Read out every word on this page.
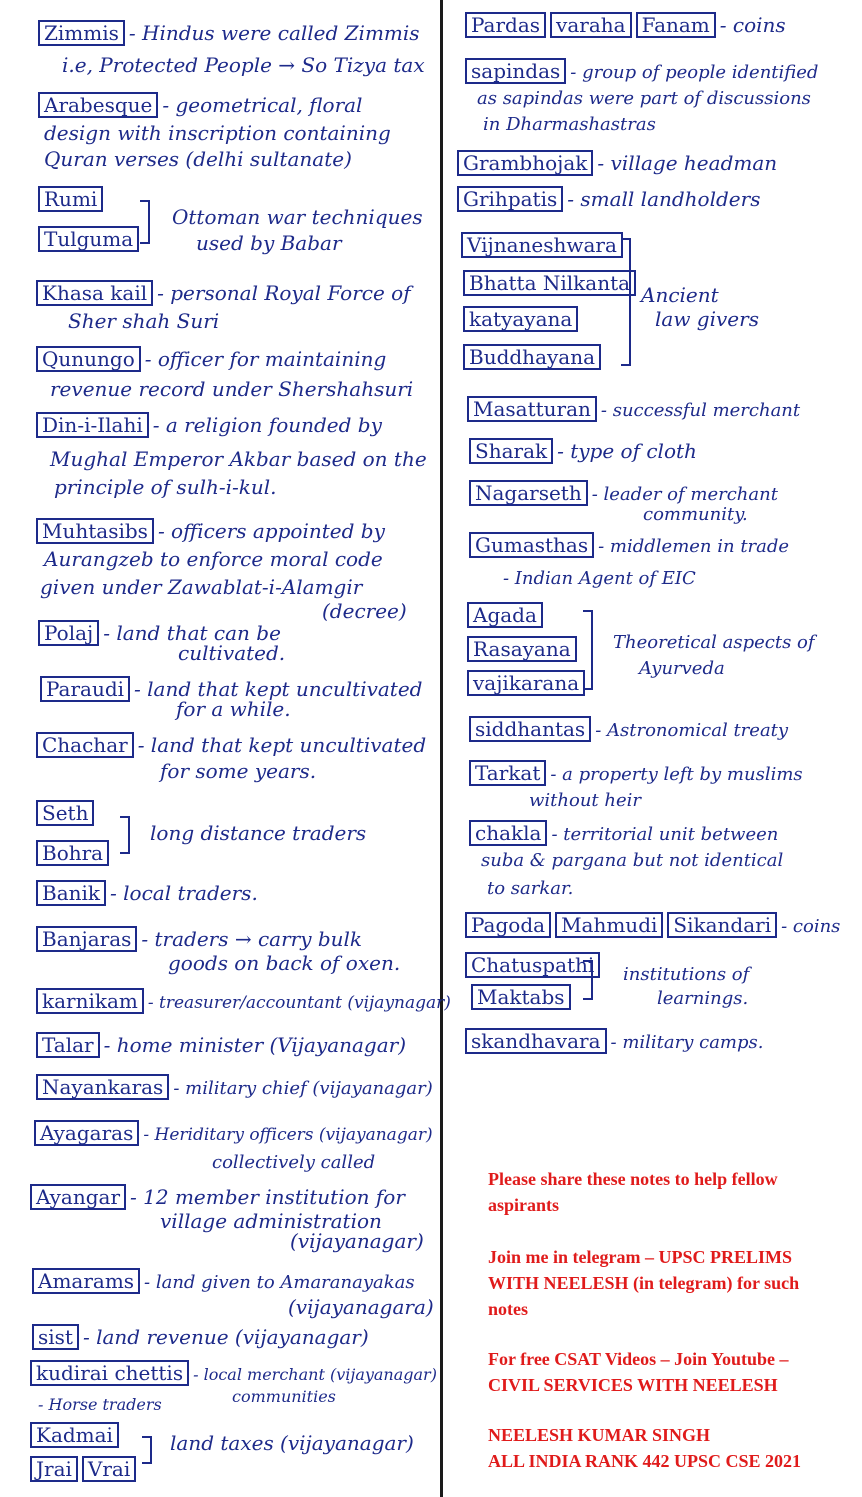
Zimmis - Hindus were called Zimmis
i.e, Protected People → So Tizya tax
Arabesque - geometrical, floral
design with inscription containing
Quran verses (delhi sultanate)
Rumi
Tulguma
Ottoman war techniques
used by Babar
Khasa kail - personal Royal Force of
Sher shah Suri
Qunungo - officer for maintaining
revenue record under Shershahsuri
Din-i-Ilahi - a religion founded by
Mughal Emperor Akbar based on the
principle of sulh-i-kul.
Muhtasibs - officers appointed by
Aurangzeb to enforce moral code
given under Zawablat-i-Alamgir
(decree)
Polaj - land that can be
cultivated.
Paraudi - land that kept uncultivated
for a while.
Chachar - land that kept uncultivated
for some years.
Seth
Bohra
long distance traders
Banik - local traders.
Banjaras - traders → carry bulk
goods on back of oxen.
karnikam - treasurer/accountant (vijaynagar)
Talar - home minister (Vijayanagar)
Nayankaras - military chief (vijayanagar)
Ayagaras - Heriditary officers (vijayanagar)
collectively called
Ayangar - 12 member institution for
village administration
(vijayanagar)
Amarams - land given to Amaranayakas
(vijayanagara)
sist - land revenue (vijayanagar)
kudirai chettis - local merchant (vijayanagar)
- Horse traders	communities
Kadmai
Jrai Vrai
land taxes (vijayanagar)
Pardas varaha Fanam - coins
sapindas - group of people identified
as sapindas were part of discussions
in Dharmashastras
Grambhojak - village headman
Grihpatis - small landholders
Vijnaneshwara
Bhatta Nilkanta
katyayana
Buddhayana
Ancient
law givers
Masatturan - successful merchant
Sharak - type of cloth
Nagarseth - leader of merchant
community.
Gumasthas - middlemen in trade
- Indian Agent of EIC
Agada
Rasayana
vajikarana
Theoretical aspects of
Ayurveda
siddhantas - Astronomical treaty
Tarkat - a property left by muslims
without heir
chakla - territorial unit between
suba & pargana but not identical
to sarkar.
Pagoda Mahmudi Sikandari - coins
Chatuspathi
Maktabs
institutions of
learnings.
skandhavara - military camps.
Please share these notes to help fellow aspirants
Join me in telegram – UPSC PRELIMS WITH NEELESH (in telegram) for such notes
For free CSAT Videos – Join Youtube – CIVIL SERVICES WITH NEELESH
NEELESH KUMAR SINGH
ALL INDIA RANK 442 UPSC CSE 2021
